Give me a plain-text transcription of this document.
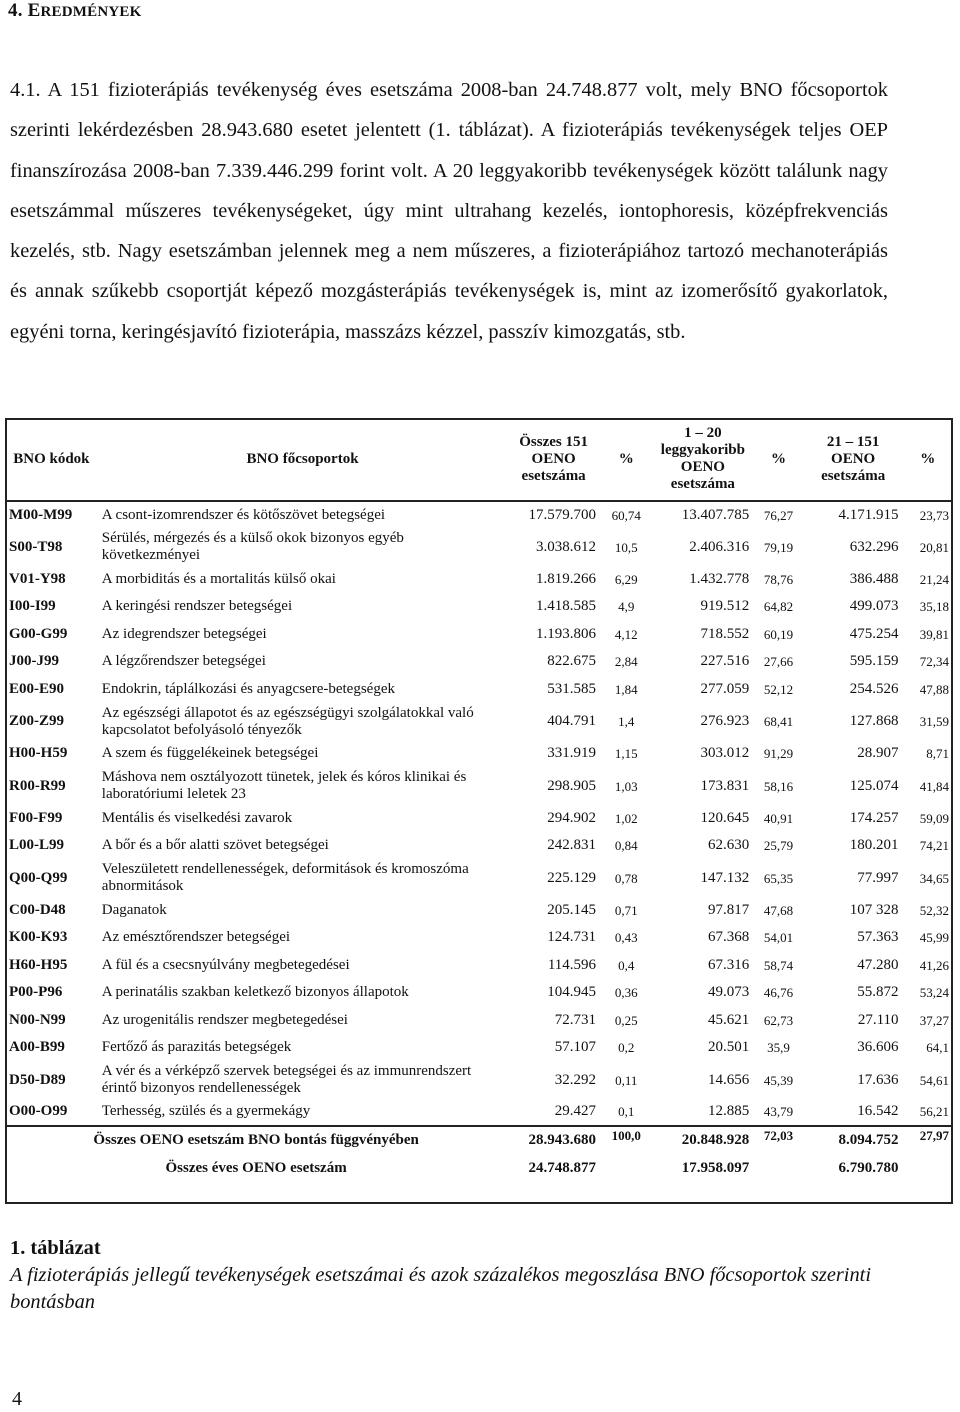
4. EREDMÉNYEK
4.1. A 151 fizioterápiás tevékenység éves esetszáma 2008-ban 24.748.877 volt, mely BNO főcsoportok szerinti lekérdezésben 28.943.680 esetet jelentett (1. táblázat). A fizioterápiás tevékenységek teljes OEP finanszírozása 2008-ban 7.339.446.299 forint volt. A 20 leggyakoribb tevékenységek között találunk nagy esetszámmal műszeres tevékenységeket, úgy mint ultrahang kezelés, iontophoresis, középfrekvenciás kezelés, stb. Nagy esetszámban jelennek meg a nem műszeres, a fizioterápiához tartozó mechanoterápiás és annak szűkebb csoportját képező mozgásterápiás tevékenységek is, mint az izomerősítő gyakorlatok, egyéni torna, keringésjavító fizioterápia, masszázs kézzel, passzív kimozgatás, stb.
BNO kódok	BNO főcsoportok	Összes 151 OENO esetszáma	%	1 – 20 leggyakoribb OENO esetszáma	%	21 – 151 OENO esetszáma	%
M00-M99	A csont-izomrendszer és kötőszövet betegségei	17.579.700	60,74	13.407.785	76,27	4.171.915	23,73
S00-T98	Sérülés, mérgezés és a külső okok bizonyos egyéb következményei	3.038.612	10,5	2.406.316	79,19	632.296	20,81
V01-Y98	A morbiditás és a mortalitás külső okai	1.819.266	6,29	1.432.778	78,76	386.488	21,24
I00-I99	A keringési rendszer betegségei	1.418.585	4,9	919.512	64,82	499.073	35,18
G00-G99	Az idegrendszer betegségei	1.193.806	4,12	718.552	60,19	475.254	39,81
J00-J99	A légzőrendszer betegségei	822.675	2,84	227.516	27,66	595.159	72,34
E00-E90	Endokrin, táplálkozási és anyagcsere-betegségek	531.585	1,84	277.059	52,12	254.526	47,88
Z00-Z99	Az egészségi állapotot és az egészségügyi szolgálatokkal való kapcsolatot befolyásoló tényezők	404.791	1,4	276.923	68,41	127.868	31,59
H00-H59	A szem és függelékeinek betegségei	331.919	1,15	303.012	91,29	28.907	8,71
R00-R99	Máshova nem osztályozott tünetek, jelek és kóros klinikai és laboratóriumi leletek 23	298.905	1,03	173.831	58,16	125.074	41,84
F00-F99	Mentális és viselkedési zavarok	294.902	1,02	120.645	40,91	174.257	59,09
L00-L99	A bőr és a bőr alatti szövet betegségei	242.831	0,84	62.630	25,79	180.201	74,21
Q00-Q99	Veleszületett rendellenességek, deformitások és kromoszóma abnormitások	225.129	0,78	147.132	65,35	77.997	34,65
C00-D48	Daganatok	205.145	0,71	97.817	47,68	107 328	52,32
K00-K93	Az emésztőrendszer betegségei	124.731	0,43	67.368	54,01	57.363	45,99
H60-H95	A fül és a csecsnyúlvány megbetegedései	114.596	0,4	67.316	58,74	47.280	41,26
P00-P96	A perinatális szakban keletkező bizonyos állapotok	104.945	0,36	49.073	46,76	55.872	53,24
N00-N99	Az urogenitális rendszer megbetegedései	72.731	0,25	45.621	62,73	27.110	37,27
A00-B99	Fertőző ás parazitás betegségek	57.107	0,2	20.501	35,9	36.606	64,1
D50-D89	A vér és a vérképző szervek betegségei és az immunrendszert érintő bizonyos rendellenességek	32.292	0,11	14.656	45,39	17.636	54,61
O00-O99	Terhesség, szülés és a gyermekágy	29.427	0,1	12.885	43,79	16.542	56,21
Összes OENO esetszám BNO bontás függvényében		28.943.680	100,0	20.848.928	72,03	8.094.752	27,97
Összes éves OENO esetszám		24.748.877		17.958.097		6.790.780	
1. táblázat
A fizioterápiás jellegű tevékenységek esetszámai és azok százalékos megoszlása BNO főcsoportok szerinti bontásban
4
